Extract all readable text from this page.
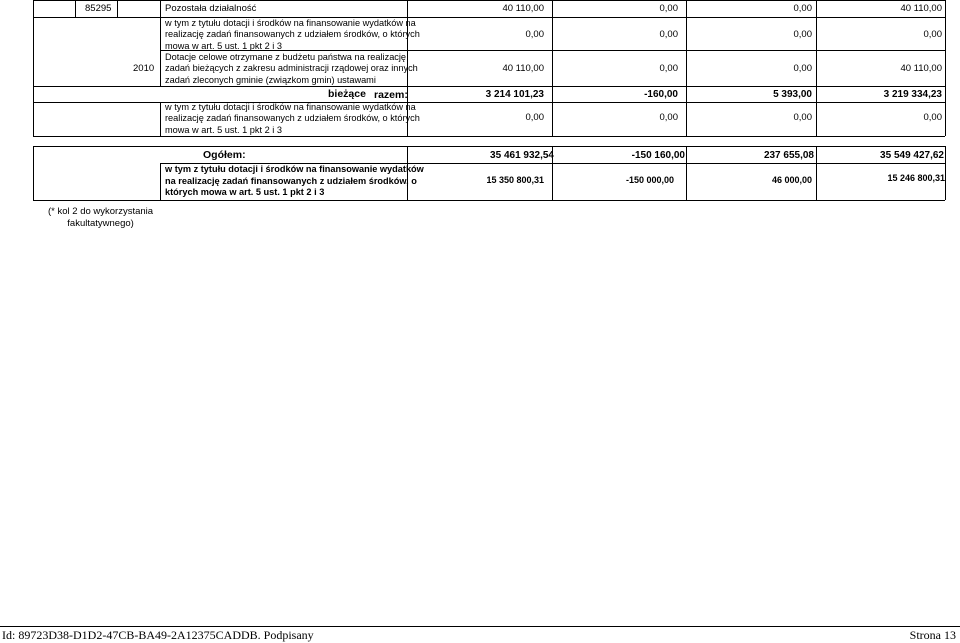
85295	Pozostała działalność	40 110,00	0,00	0,00	40 110,00
w tym z tytułu dotacji i środków na finansowanie wydatków na
realizację zadań finansowanych z udziałem środków, o których
mowa w art. 5 ust. 1 pkt 2 i 3
0,00	0,00	0,00	0,00
2010
Dotacje celowe otrzymane z budżetu państwa na realizację
zadań bieżących z zakresu administracji rządowej oraz innych
zadań zleconych gminie (związkom gmin) ustawami
40 110,00	0,00	0,00	40 110,00
bieżące razem:	3 214 101,23	-160,00	5 393,00	3 219 334,23
w tym z tytułu dotacji i środków na finansowanie wydatków na
realizację zadań finansowanych z udziałem środków, o których
mowa w art. 5 ust. 1 pkt 2 i 3
0,00	0,00	0,00	0,00
Ogółem:	35 461 932,54	-150 160,00	237 655,08	35 549 427,62
w tym z tytułu dotacji i środków na finansowanie wydatków
na realizację zadań finansowanych z udziałem środków, o
których mowa w art. 5 ust. 1 pkt 2 i 3
15 350 800,31	-150 000,00	46 000,00	15 246 800,31
(* kol 2 do wykorzystania
fakultatywnego)
Id: 89723D38-D1D2-47CB-BA49-2A12375CADDB. Podpisany	Strona 13
